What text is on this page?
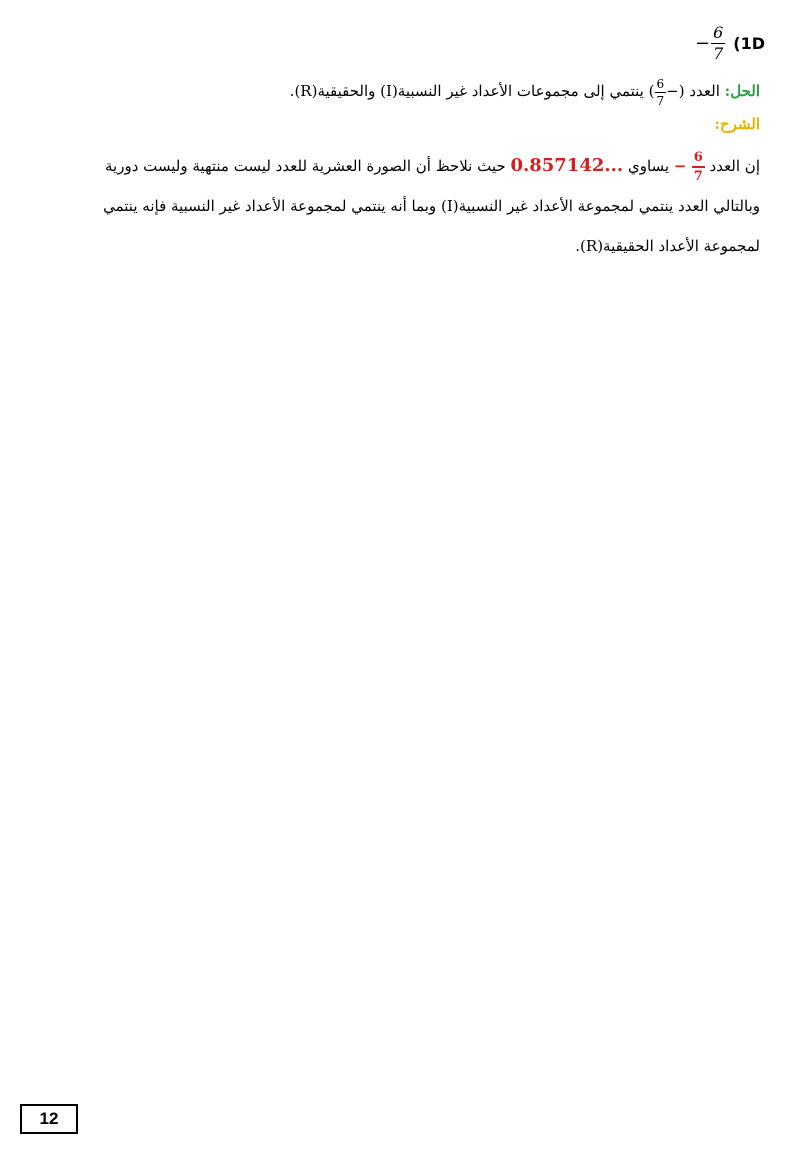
− $\frac{6}{7} (1D$
الحل: العدد ( $\frac{6}{7}$ −) ينتمي إلى مجموعات الأعداد غير النسبية(I) والحقيقية(R).
الشرح:
إن العدد − $\frac{6}{7}$
يساوي 0.857142... حيث نلاحظ أن الصورة العشرية للعدد ليست منتهية وليست دورية
وبالتالي العدد ينتمي لمجموعة الأعداد غير النسبية(I) وبما أنه ينتمي لمجموعة الأعداد غير النسبية فإنه ينتمي
لمجموعة الأعداد الحقيقية(R).
12
